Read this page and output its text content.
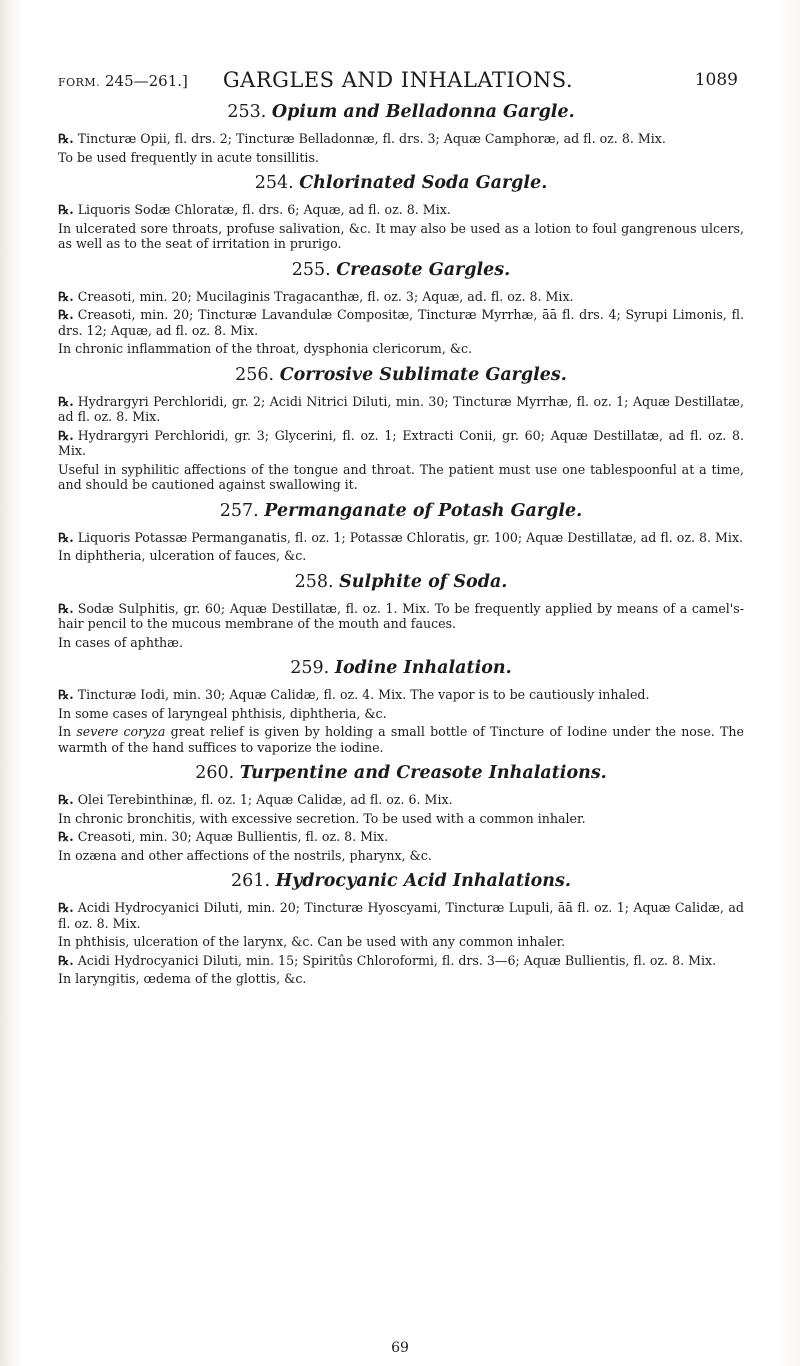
FORM. 245—261.]	GARGLES AND INHALATIONS.	1089
253. Opium and Belladonna Gargle.

℞. Tincturæ Opii, fl. drs. 2; Tincturæ Belladonnæ, fl. drs. 3; Aquæ Camphoræ, ad fl. oz. 8. Mix.

To be used frequently in acute tonsillitis.

254. Chlorinated Soda Gargle.

℞. Liquoris Sodæ Chloratæ, fl. drs. 6; Aquæ, ad fl. oz. 8. Mix.

In ulcerated sore throats, profuse salivation, &c. It may also be used as a lotion to foul gangrenous ulcers, as well as to the seat of irritation in prurigo.

255. Creasote Gargles.

℞. Creasoti, min. 20; Mucilaginis Tragacanthæ, fl. oz. 3; Aquæ, ad. fl. oz. 8. Mix.

℞. Creasoti, min. 20; Tincturæ Lavandulæ Compositæ, Tincturæ Myrrhæ, āā fl. drs. 4; Syrupi Limonis, fl. drs. 12; Aquæ, ad fl. oz. 8. Mix.

In chronic inflammation of the throat, dysphonia clericorum, &c.

256. Corrosive Sublimate Gargles.

℞. Hydrargyri Perchloridi, gr. 2; Acidi Nitrici Diluti, min. 30; Tincturæ Myrrhæ, fl. oz. 1; Aquæ Destillatæ, ad fl. oz. 8. Mix.

℞. Hydrargyri Perchloridi, gr. 3; Glycerini, fl. oz. 1; Extracti Conii, gr. 60; Aquæ Destillatæ, ad fl. oz. 8. Mix.

Useful in syphilitic affections of the tongue and throat. The patient must use one tablespoonful at a time, and should be cautioned against swallowing it.

257. Permanganate of Potash Gargle.

℞. Liquoris Potassæ Permanganatis, fl. oz. 1; Potassæ Chloratis, gr. 100; Aquæ Destillatæ, ad fl. oz. 8. Mix.

In diphtheria, ulceration of fauces, &c.

258. Sulphite of Soda.

℞. Sodæ Sulphitis, gr. 60; Aquæ Destillatæ, fl. oz. 1. Mix. To be frequently applied by means of a camel's-hair pencil to the mucous membrane of the mouth and fauces.

In cases of aphthæ.

259. Iodine Inhalation.

℞. Tincturæ Iodi, min. 30; Aquæ Calidæ, fl. oz. 4. Mix. The vapor is to be cautiously inhaled.

In some cases of laryngeal phthisis, diphtheria, &c.

In severe coryza great relief is given by holding a small bottle of Tincture of Iodine under the nose. The warmth of the hand suffices to vaporize the iodine.

260. Turpentine and Creasote Inhalations.

℞. Olei Terebinthinæ, fl. oz. 1; Aquæ Calidæ, ad fl. oz. 6. Mix.

In chronic bronchitis, with excessive secretion. To be used with a common inhaler.

℞. Creasoti, min. 30; Aquæ Bullientis, fl. oz. 8. Mix.

In ozæna and other affections of the nostrils, pharynx, &c.

261. Hydrocyanic Acid Inhalations.

℞. Acidi Hydrocyanici Diluti, min. 20; Tincturæ Hyoscyami, Tincturæ Lupuli, āā fl. oz. 1; Aquæ Calidæ, ad fl. oz. 8. Mix.

In phthisis, ulceration of the larynx, &c. Can be used with any common inhaler.

℞. Acidi Hydrocyanici Diluti, min. 15; Spiritûs Chloroformi, fl. drs. 3—6; Aquæ Bullientis, fl. oz. 8. Mix.

In laryngitis, œdema of the glottis, &c.

69
